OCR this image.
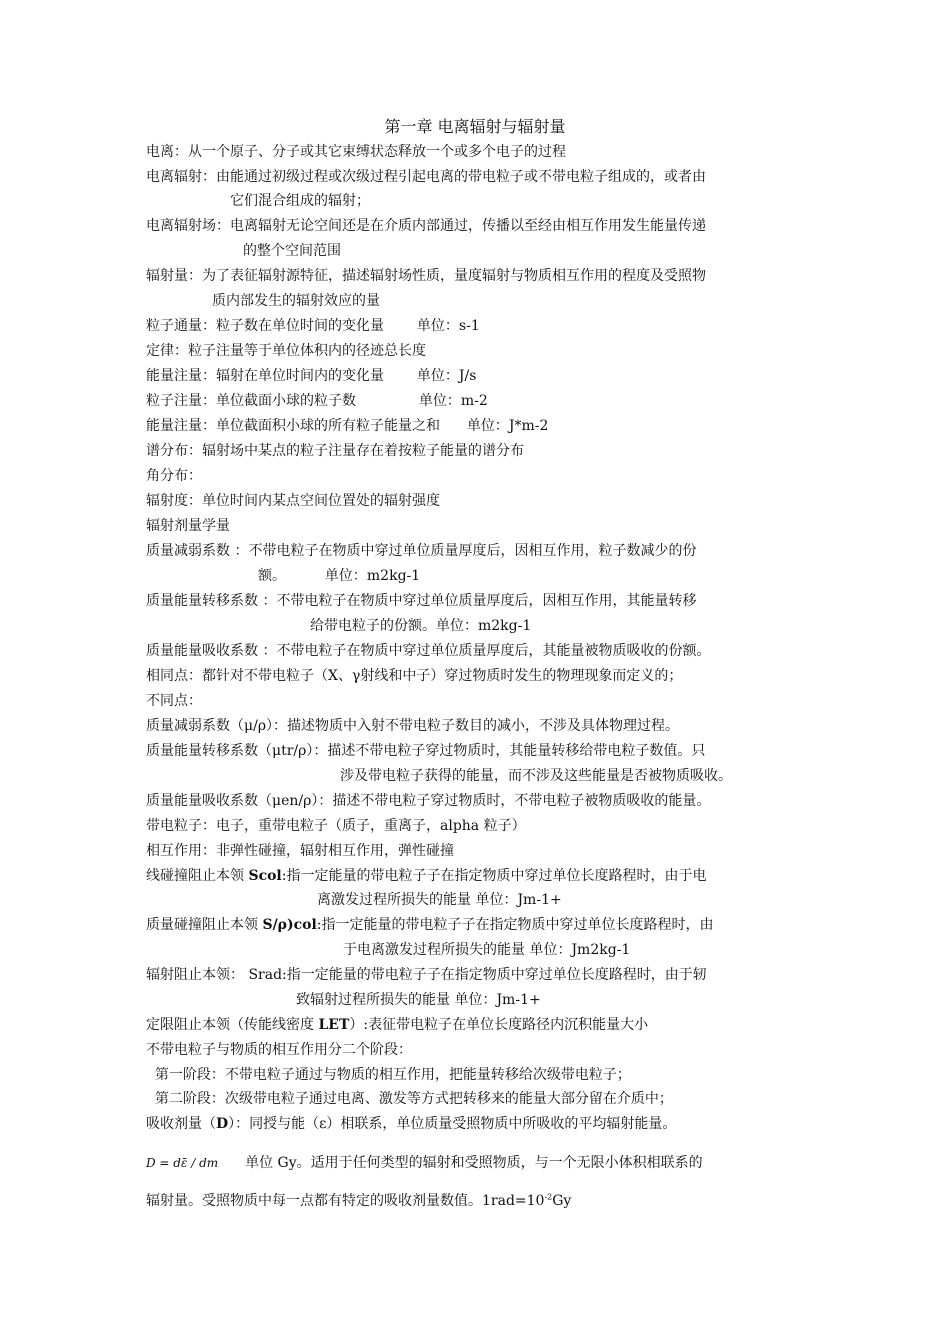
第一章 电离辐射与辐射量
电离：从一个原子、分子或其它束缚状态释放一个或多个电子的过程
电离辐射：由能通过初级过程或次级过程引起电离的带电粒子或不带电粒子组成的，或者由
它们混合组成的辐射；
电离辐射场：电离辐射无论空间还是在介质内部通过，传播以至经由相互作用发生能量传递
的整个空间范围
辐射量：为了表征辐射源特征，描述辐射场性质，量度辐射与物质相互作用的程度及受照物
质内部发生的辐射效应的量
粒子通量：粒子数在单位时间的变化量 单位：s-1
定律：粒子注量等于单位体积内的径迹总长度
能量注量：辐射在单位时间内的变化量 单位：J/s
粒子注量：单位截面小球的粒子数	单位：m-2
能量注量：单位截面积小球的所有粒子能量之和 单位：J*m-2
谱分布：辐射场中某点的粒子注量存在着按粒子能量的谱分布
角分布：
辐射度：单位时间内某点空间位置处的辐射强度
辐射剂量学量
质量减弱系数 ：不带电粒子在物质中穿过单位质量厚度后，因相互作用，粒子数减少的份
额。	单位：m2kg-1
质量能量转移系数 ：不带电粒子在物质中穿过单位质量厚度后，因相互作用，其能量转移
给带电粒子的份额。单位：m2kg-1
质量能量吸收系数 ：不带电粒子在物质中穿过单位质量厚度后，其能量被物质吸收的份额。
相同点：都针对不带电粒子（X、γ射线和中子）穿过物质时发生的物理现象而定义的；
不同点：
质量减弱系数（μ/ρ）：描述物质中入射不带电粒子数目的减小，不涉及具体物理过程。
质量能量转移系数（μtr/ρ）：描述不带电粒子穿过物质时，其能量转移给带电粒子数值。只
涉及带电粒子获得的能量，而不涉及这些能量是否被物质吸收。
质量能量吸收系数（μen/ρ）：描述不带电粒子穿过物质时，不带电粒子被物质吸收的能量。
带电粒子：电子，重带电粒子（质子，重离子，alpha 粒子）
相互作用：非弹性碰撞，辐射相互作用，弹性碰撞
线碰撞阻止本领 Scol:指一定能量的带电粒子子在指定物质中穿过单位长度路程时，由于电
离激发过程所损失的能量 单位：Jm-1+
质量碰撞阻止本领 S/ρ)col:指一定能量的带电粒子子在指定物质中穿过单位长度路程时，由
于电离激发过程所损失的能量 单位：Jm2kg-1
辐射阻止本领： Srad:指一定能量的带电粒子子在指定物质中穿过单位长度路程时，由于轫
致辐射过程所损失的能量 单位：Jm-1+
定限阻止本领（传能线密度 LET）:表征带电粒子在单位长度路径内沉积能量大小
不带电粒子与物质的相互作用分二个阶段：
第一阶段：不带电粒子通过与物质的相互作用，把能量转移给次级带电粒子；
第二阶段：次级带电粒子通过电离、激发等方式把转移来的能量大部分留在介质中；
吸收剂量（D）：同授与能（ε）相联系，单位质量受照物质中所吸收的平均辐射能量。
D = dε̄ / dm 单位 Gy。适用于任何类型的辐射和受照物质，与一个无限小体积相联系的
辐射量。受照物质中每一点都有特定的吸收剂量数值。$1rad=10^{-2}Gy$
